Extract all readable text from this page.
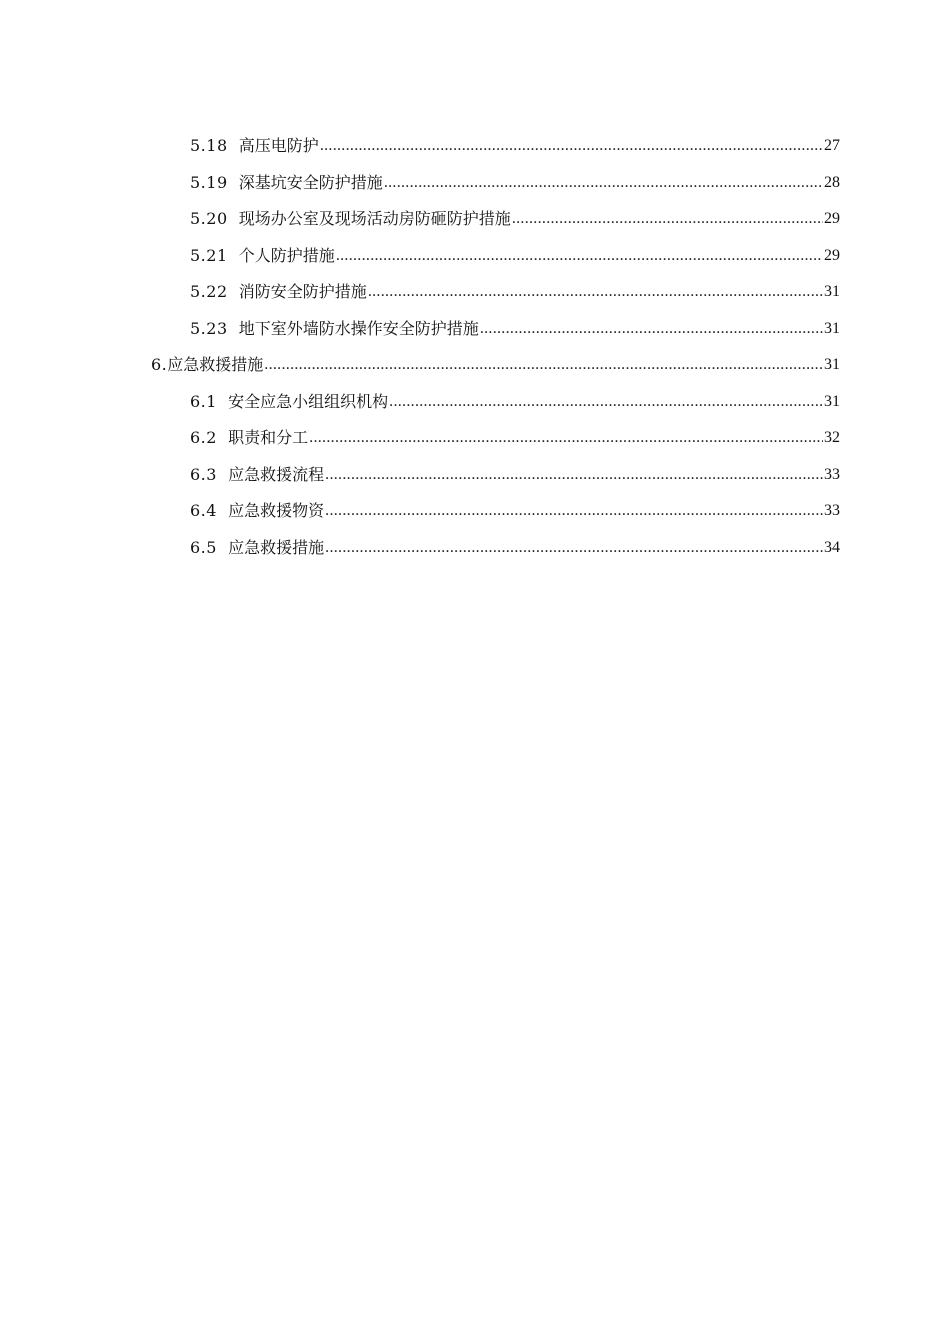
5.18 高压电防护 .....	27
5.19 深基坑安全防护措施 .....	28
5.20 现场办公室及现场活动房防砸防护措施 .....	29
5.21 个人防护措施 .....	29
5.22 消防安全防护措施 .....	31
5.23 地下室外墙防水操作安全防护措施 .....	31
6. 应急救援措施 .....	31
6.1 安全应急小组组织机构 .....	31
6.2 职责和分工 .....	32
6.3 应急救援流程 .....	33
6.4 应急救援物资 .....	33
6.5 应急救援措施 .....	34
